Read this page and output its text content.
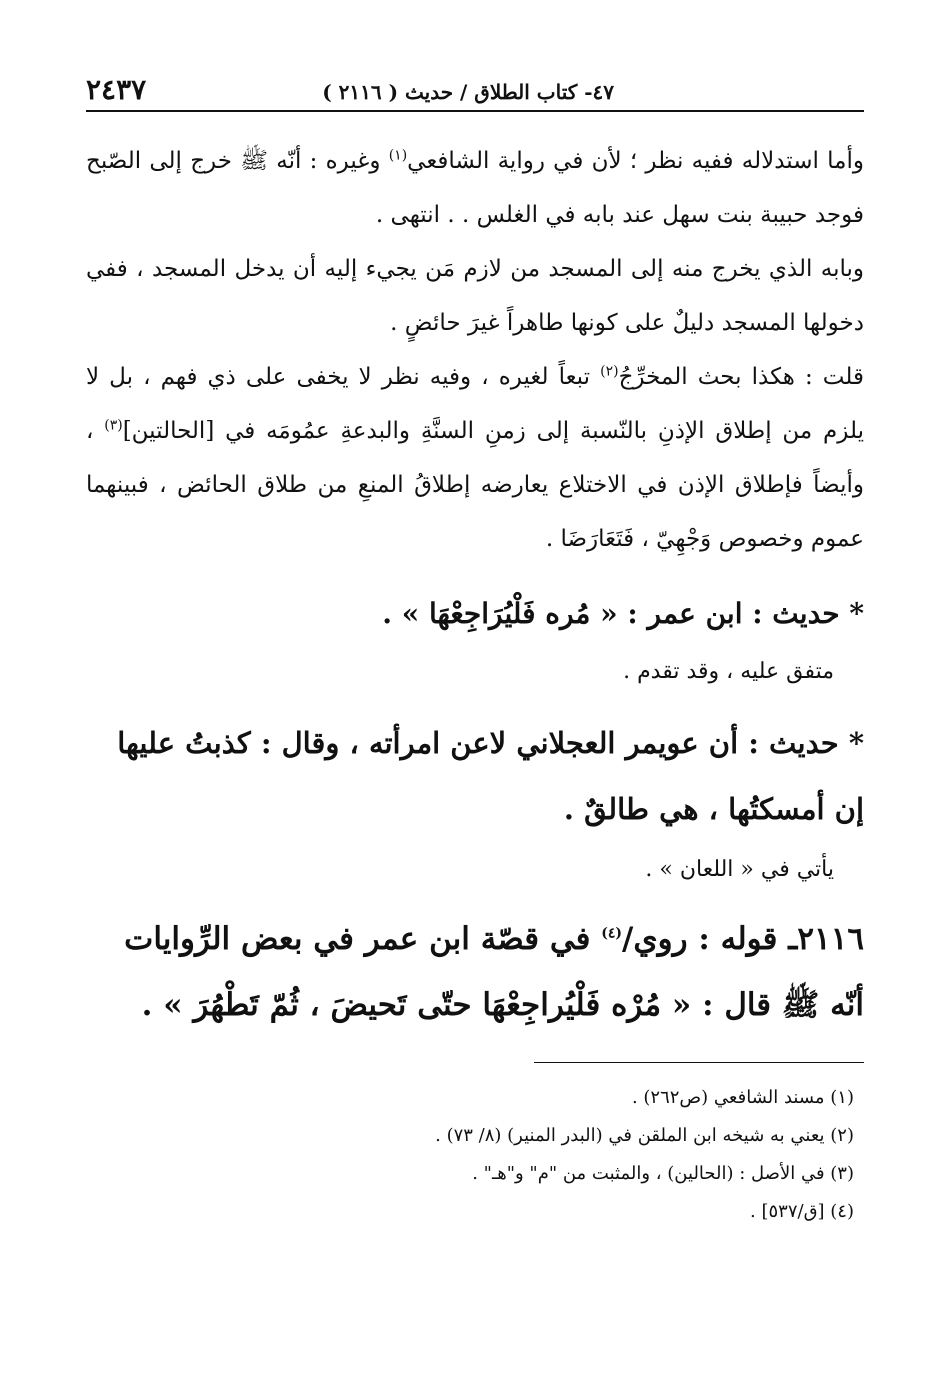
٤٧- كتاب الطلاق / حديث ( ٢١١٦ )
٢٤٣٧

وأما استدلاله ففيه نظر ؛ لأن في رواية الشافعي$^{(١)}$ وغيره : أنّه ﷺ خرج إلى الصّبح فوجد حبيبة بنت سهل عند بابه في الغلس . . انتهى .

وبابه الذي يخرج منه إلى المسجد من لازم مَن يجيء إليه أن يدخل المسجد ، ففي دخولها المسجد دليلٌ على كونها طاهراً غيرَ حائضٍ .

قلت : هكذا بحث المخرِّجُ$^{(٢)}$ تبعاً لغيره ، وفيه نظر لا يخفى على ذي فهم ، بل لا يلزم من إطلاق الإذنِ بالنّسبة إلى زمنِ السنَّةِ والبدعةِ عمُومَه في [الحالتين]$^{(٣)}$ ، وأيضاً فإطلاق الإذن في الاختلاع يعارضه إطلاقُ المنعِ من طلاق الحائض ، فبينهما عموم وخصوص وَجْهِيّ ، فَتَعَارَضَا .

* حديث : ابن عمر : « مُره فَلْيُرَاجِعْهَا » .
متفق عليه ، وقد تقدم .
* حديث : أن عويمر العجلاني لاعن امرأته ، وقال : كذبتُ عليها إن أمسكتُها ، هي طالقٌ .
يأتي في « اللعان » .
٢١١٦ـ قوله : روي/$^{(٤)}$ في قصّة ابن عمر في بعض الرِّوايات أنّه ﷺ قال : « مُرْه فَلْيُراجِعْهَا حتّى تَحيضَ ، ثُمّ تَطْهُرَ » .
(١) مسند الشافعي (ص٢٦٢) .
(٢) يعني به شيخه ابن الملقن في (البدر المنير) (٨/ ٧٣) .
(٣) في الأصل : (الحالين) ، والمثبت من "م" و"هـ" .
(٤) [ق/٥٣٧] .
